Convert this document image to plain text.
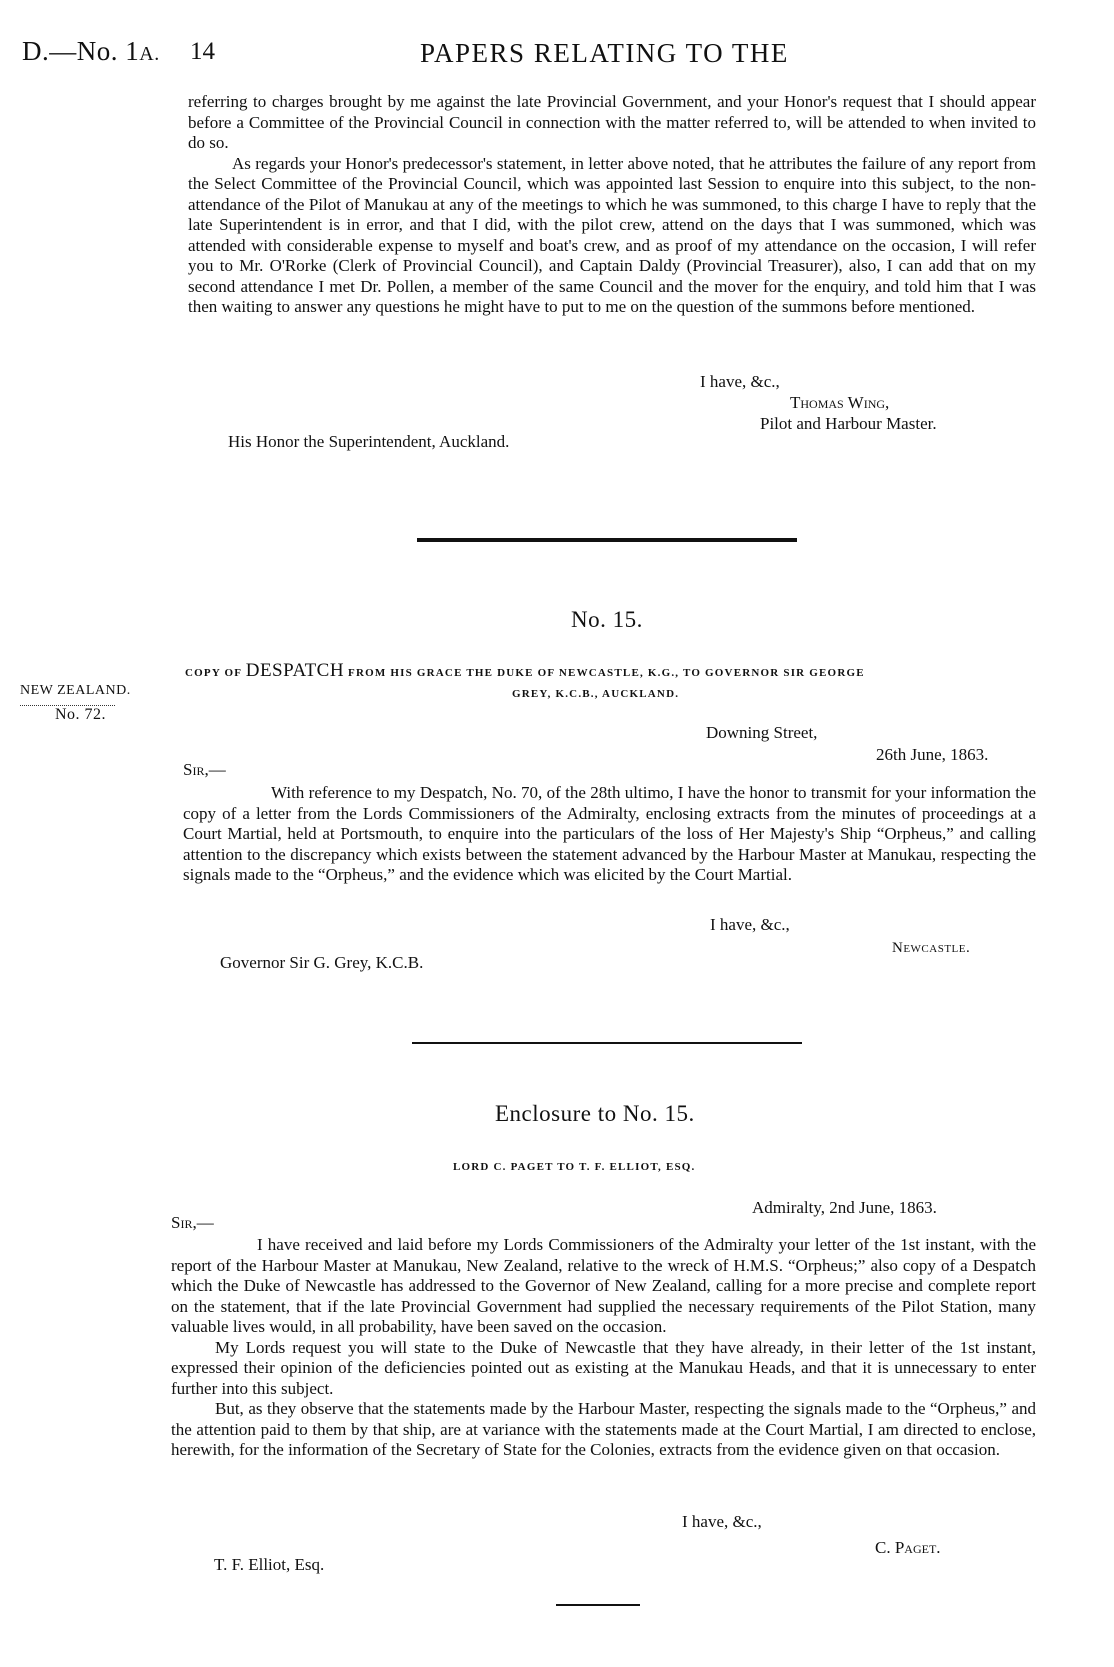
D.—No. 1A. 14	PAPERS RELATING TO THE

referring to charges brought by me against the late Provincial Government, and your Honor's request that I should appear before a Committee of the Provincial Council in connection with the matter referred to, will be attended to when invited to do so.

As regards your Honor's predecessor's statement, in letter above noted, that he attributes the failure of any report from the Select Committee of the Provincial Council, which was appointed last Session to enquire into this subject, to the non-attendance of the Pilot of Manukau at any of the meetings to which he was summoned, to this charge I have to reply that the late Superintendent is in error, and that I did, with the pilot crew, attend on the days that I was summoned, which was attended with considerable expense to myself and boat's crew, and as proof of my attendance on the occasion, I will refer you to Mr. O'Rorke (Clerk of Provincial Council), and Captain Daldy (Provincial Treasurer), also, I can add that on my second attendance I met Dr. Pollen, a member of the same Council and the mover for the enquiry, and told him that I was then waiting to answer any questions he might have to put to me on the question of the summons before mentioned.

I have, &c.,
Thomas Wing,
Pilot and Harbour Master.
His Honor the Superintendent, Auckland.
No. 15.
NEW ZEALAND.
No. 72.
COPY OF DESPATCH FROM HIS GRACE THE DUKE OF NEWCASTLE, K.G., TO GOVERNOR SIR GEORGE
GREY, K.C.B., AUCKLAND.
Downing Street,
26th June, 1863.
Sir,—

With reference to my Despatch, No. 70, of the 28th ultimo, I have the honor to transmit for your information the copy of a letter from the Lords Commissioners of the Admiralty, enclosing extracts from the minutes of proceedings at a Court Martial, held at Portsmouth, to enquire into the particulars of the loss of Her Majesty's Ship “Orpheus,” and calling attention to the discrepancy which exists between the statement advanced by the Harbour Master at Manukau, respecting the signals made to the “Orpheus,” and the evidence which was elicited by the Court Martial.

I have, &c.,
Newcastle.
Governor Sir G. Grey, K.C.B.
Enclosure to No. 15.
LORD C. PAGET TO T. F. ELLIOT, ESQ.
Admiralty, 2nd June, 1863.
Sir,—

I have received and laid before my Lords Commissioners of the Admiralty your letter of the 1st instant, with the report of the Harbour Master at Manukau, New Zealand, relative to the wreck of H.M.S. “Orpheus;” also copy of a Despatch which the Duke of Newcastle has addressed to the Governor of New Zealand, calling for a more precise and complete report on the statement, that if the late Provincial Government had supplied the necessary requirements of the Pilot Station, many valuable lives would, in all probability, have been saved on the occasion.

My Lords request you will state to the Duke of Newcastle that they have already, in their letter of the 1st instant, expressed their opinion of the deficiencies pointed out as existing at the Manukau Heads, and that it is unnecessary to enter further into this subject.

But, as they observe that the statements made by the Harbour Master, respecting the signals made to the “Orpheus,” and the attention paid to them by that ship, are at variance with the statements made at the Court Martial, I am directed to enclose, herewith, for the information of the Secretary of State for the Colonies, extracts from the evidence given on that occasion.

I have, &c.,
C. Paget.
T. F. Elliot, Esq.
